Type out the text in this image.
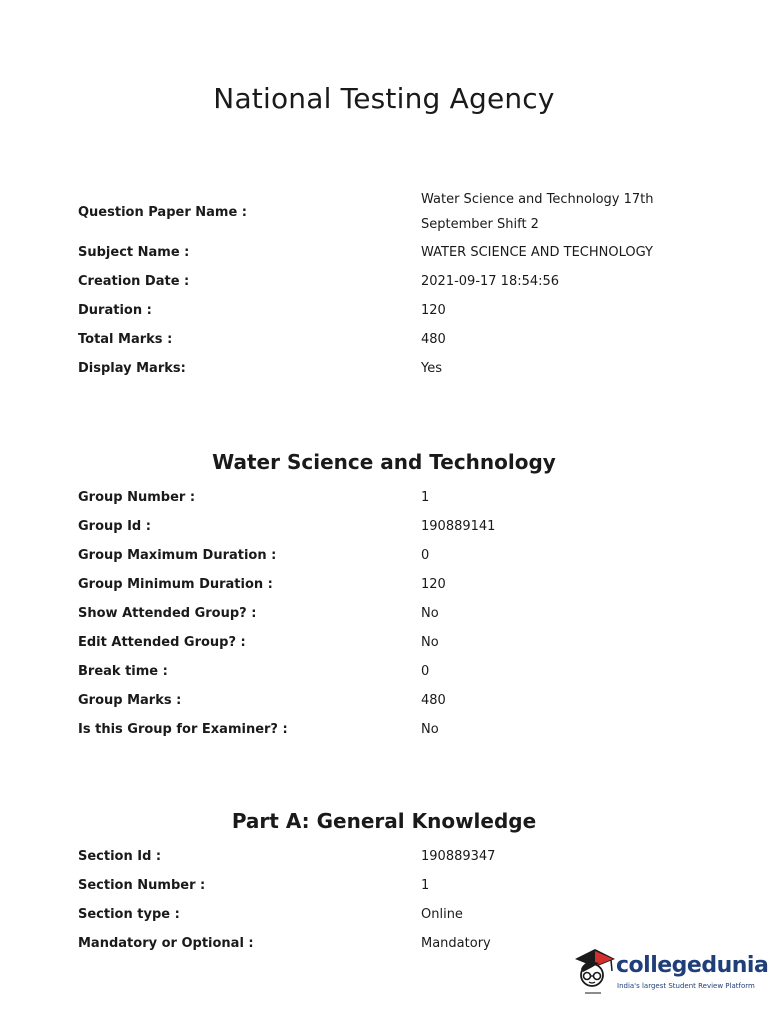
National Testing Agency
Question Paper Name :	Water Science and Technology 17th September Shift 2

Subject Name :	WATER SCIENCE AND TECHNOLOGY
Creation Date :	2021-09-17 18:54:56
Duration :	120
Total Marks :	480
Display Marks:	Yes
Water Science and Technology
Group Number :	1
Group Id :	190889141
Group Maximum Duration :	0
Group Minimum Duration :	120
Show Attended Group? :	No
Edit Attended Group? :	No
Break time :	0
Group Marks :	480
Is this Group for Examiner? :	No
Part A: General Knowledge
Section Id :	190889347
Section Number :	1
Section type :	Online
Mandatory or Optional :	Mandatory
collegedunia
India's largest Student Review Platform
